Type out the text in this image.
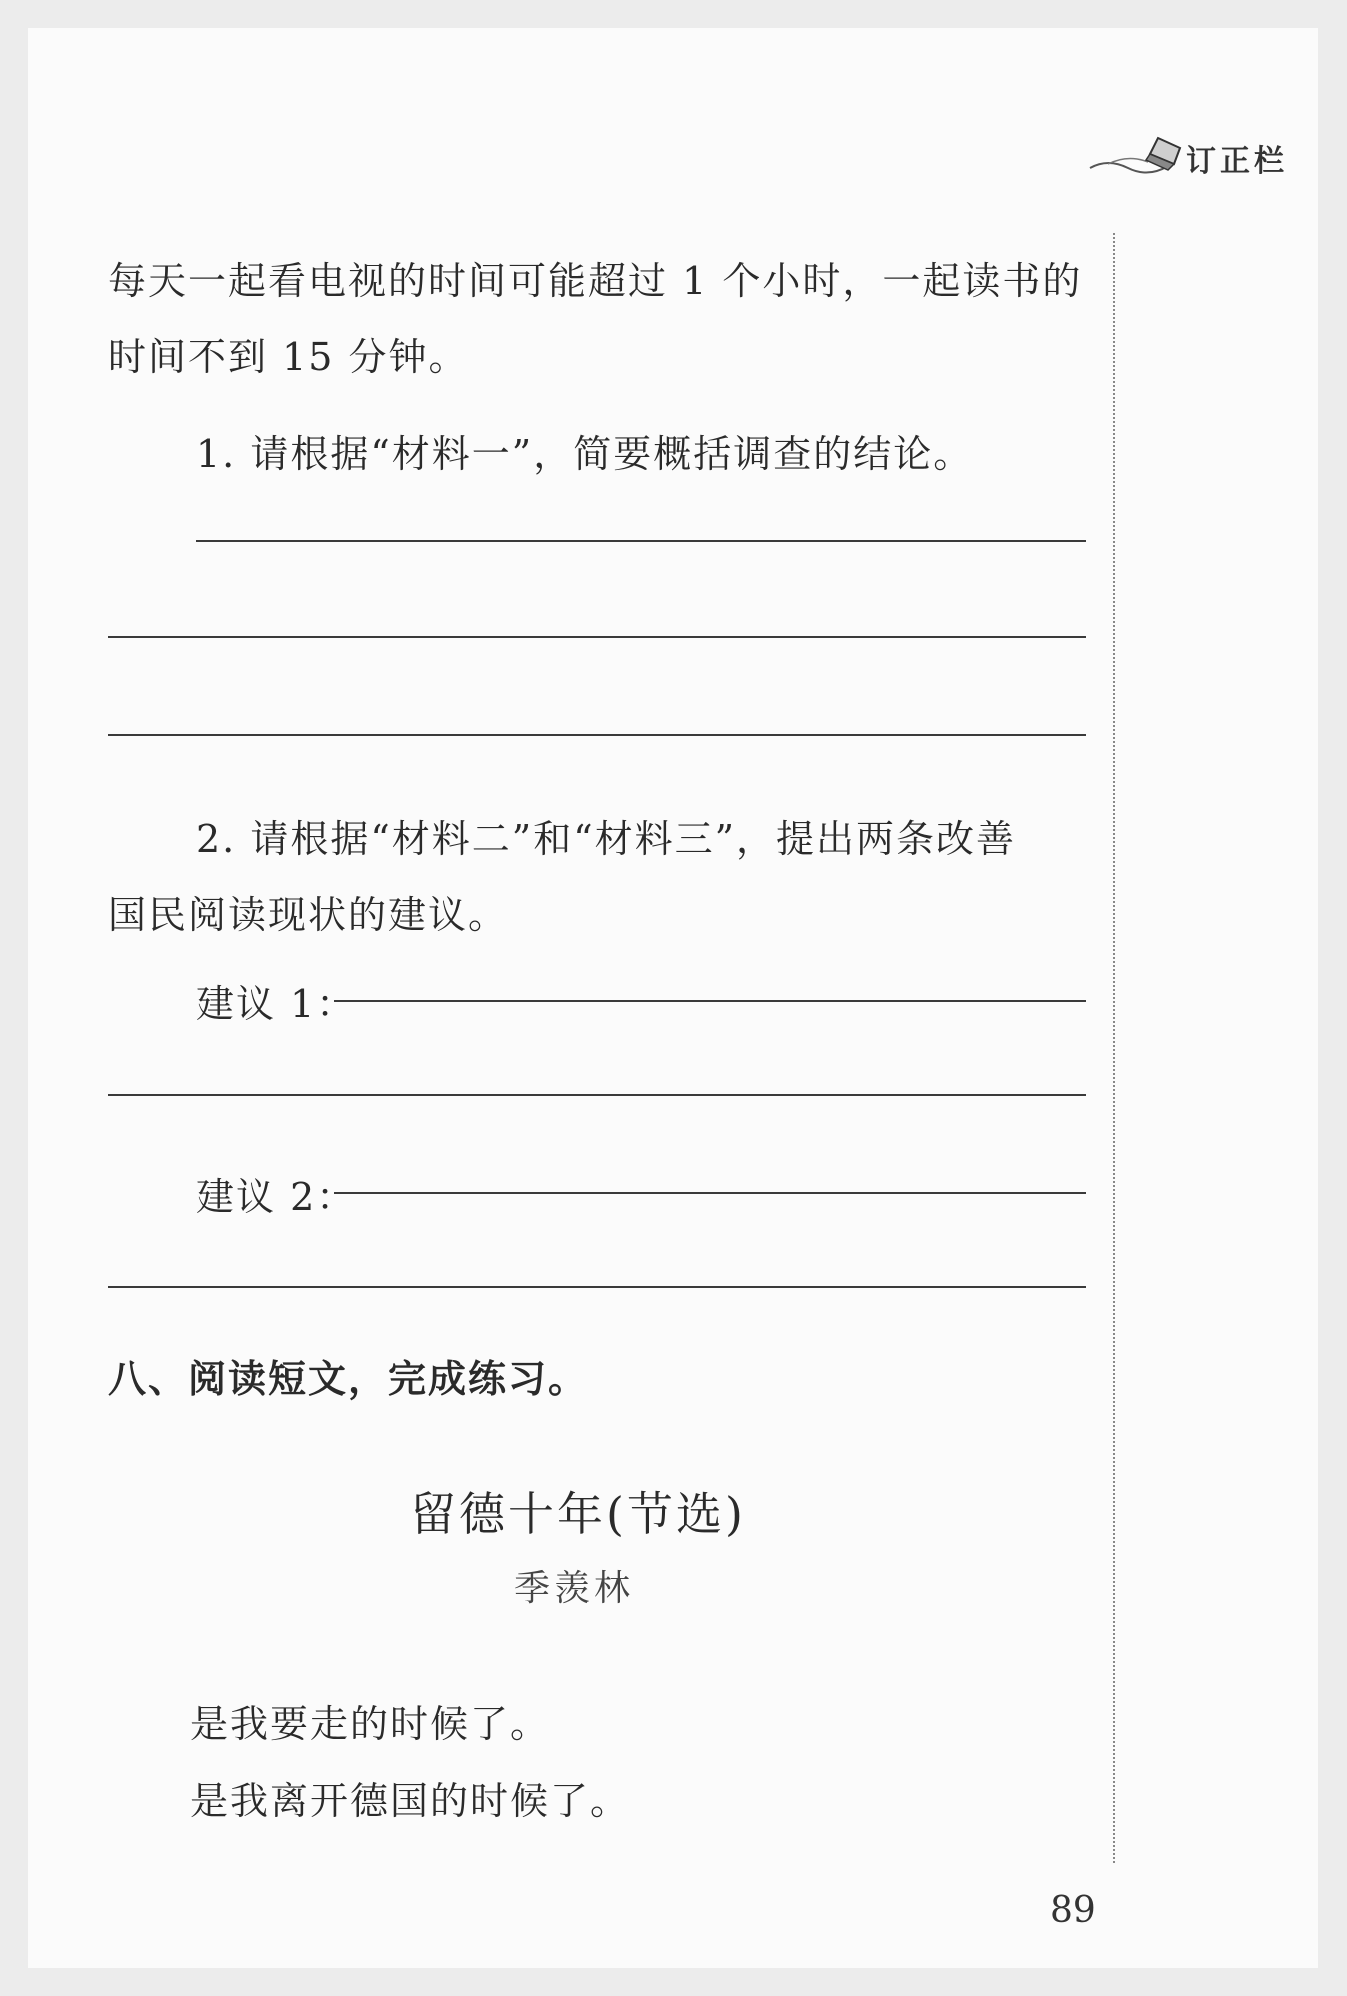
订正栏
每天一起看电视的时间可能超过 1 个小时，一起读书的
时间不到 15 分钟。
1. 请根据“材料一”，简要概括调查的结论。
2. 请根据“材料二”和“材料三”，提出两条改善
国民阅读现状的建议。
建议 1：
建议 2：
八、阅读短文，完成练习。
留德十年(节选)
季羡林
是我要走的时候了。
是我离开德国的时候了。
89
